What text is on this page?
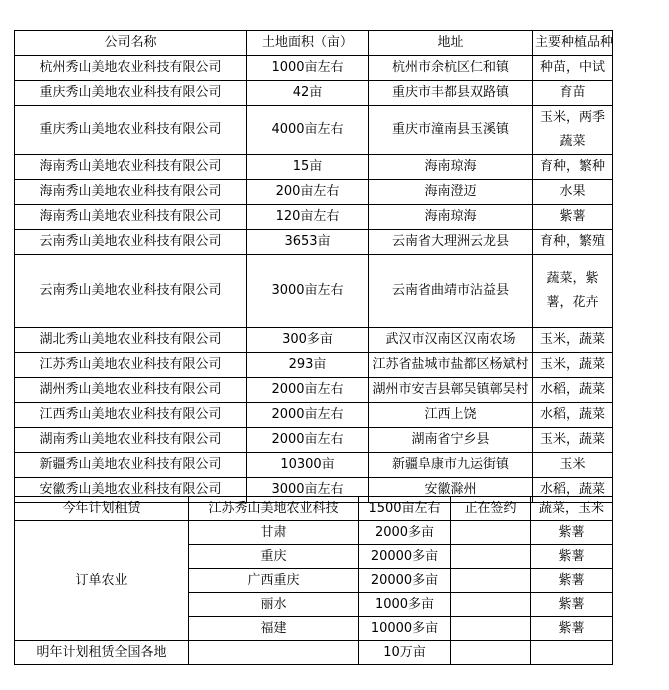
公司名称	土地面积（亩）	地址	主要种植品种
杭州秀山美地农业科技有限公司	1000亩左右	杭州市余杭区仁和镇	种苗，中试
重庆秀山美地农业科技有限公司	42亩	重庆市丰都县双路镇	育苗
重庆秀山美地农业科技有限公司	4000亩左右	重庆市潼南县玉溪镇	玉米，两季蔬菜
海南秀山美地农业科技有限公司	15亩	海南琼海	育种，繁种
海南秀山美地农业科技有限公司	200亩左右	海南澄迈	水果
海南秀山美地农业科技有限公司	120亩左右	海南琼海	紫薯
云南秀山美地农业科技有限公司	3653亩	云南省大理洲云龙县	育种，繁殖
云南秀山美地农业科技有限公司	3000亩左右	云南省曲靖市沾益县	蔬菜，紫薯，花卉
湖北秀山美地农业科技有限公司	300多亩	武汉市汉南区汉南农场	玉米，蔬菜
江苏秀山美地农业科技有限公司	293亩	江苏省盐城市盐都区杨斌村	玉米，蔬菜
湖州秀山美地农业科技有限公司	2000亩左右	湖州市安吉县鄣吴镇鄣吴村	水稻，蔬菜
江西秀山美地农业科技有限公司	2000亩左右	江西上饶	水稻，蔬菜
湖南秀山美地农业科技有限公司	2000亩左右	湖南省宁乡县	玉米，蔬菜
新疆秀山美地农业科技有限公司	10300亩	新疆阜康市九运街镇	玉米
安徽秀山美地农业科技有限公司	3000亩左右	安徽滁州	水稻，蔬菜
今年计划租赁	江苏秀山美地农业科技	1500亩左右	正在签约	蔬菜，玉米
订单农业	甘肃	2000多亩		紫薯
	重庆	20000多亩		紫薯
	广西重庆	20000多亩		紫薯
	丽水	1000多亩		紫薯
	福建	10000多亩		紫薯
明年计划租赁全国各地		10万亩		
